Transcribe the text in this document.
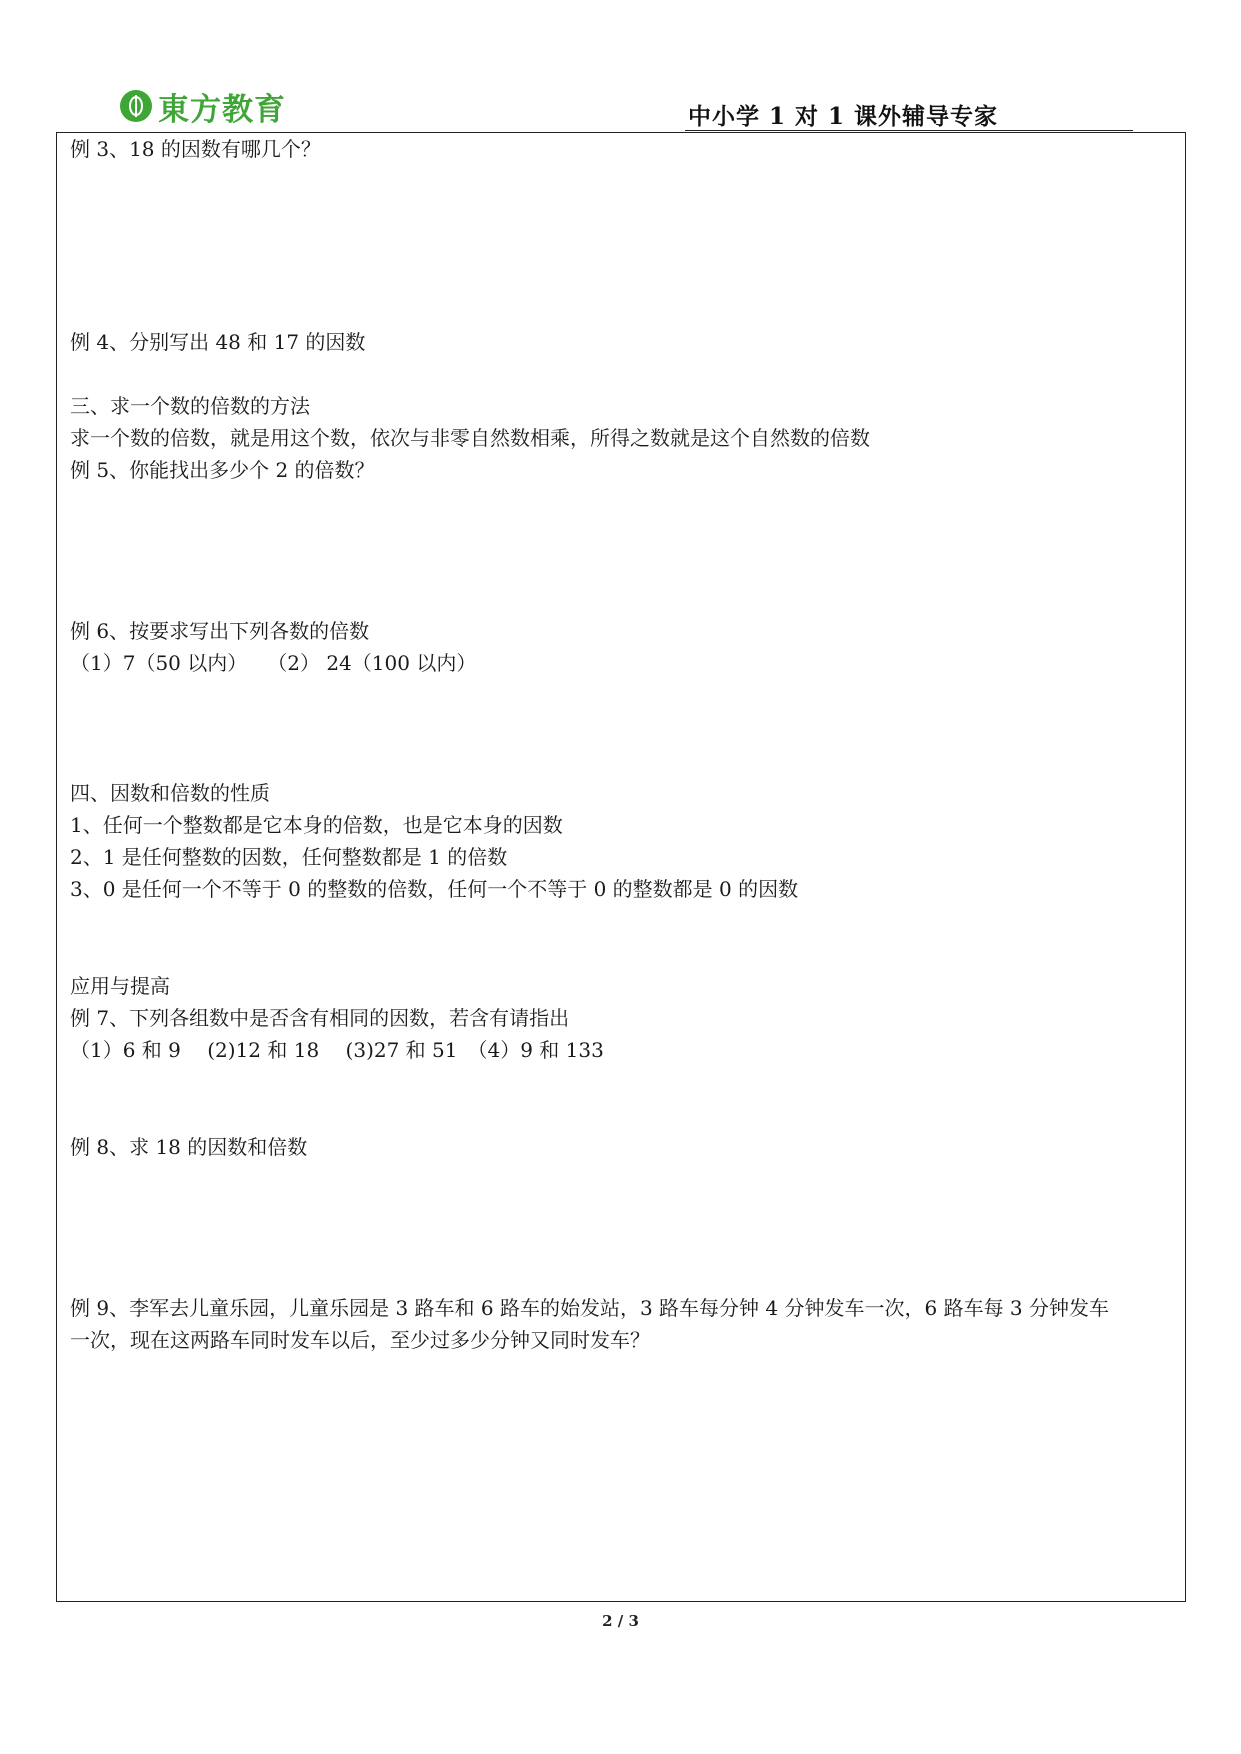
東方教育	中小学 1 对 1 课外辅导专家
例 3、18 的因数有哪几个？
例 4、分别写出 48 和 17 的因数
三、求一个数的倍数的方法
求一个数的倍数，就是用这个数，依次与非零自然数相乘，所得之数就是这个自然数的倍数
例 5、你能找出多少个 2 的倍数？
例 6、按要求写出下列各数的倍数
（1）7（50 以内）　　（2） 24（100 以内）
四、因数和倍数的性质
1、任何一个整数都是它本身的倍数，也是它本身的因数
2、1 是任何整数的因数，任何整数都是 1 的倍数
3、0 是任何一个不等于 0 的整数的倍数，任何一个不等于 0 的整数都是 0 的因数
应用与提高
例 7、下列各组数中是否含有相同的因数，若含有请指出
（1）6 和 9　 (2)12 和 18　 (3)27 和 51　（4）9 和 133
例 8、求 18 的因数和倍数
例 9、李军去儿童乐园，儿童乐园是 3 路车和 6 路车的始发站，3 路车每分钟 4 分钟发车一次，6 路车每 3 分钟发车
一次，现在这两路车同时发车以后，至少过多少分钟又同时发车？
2 / 3
